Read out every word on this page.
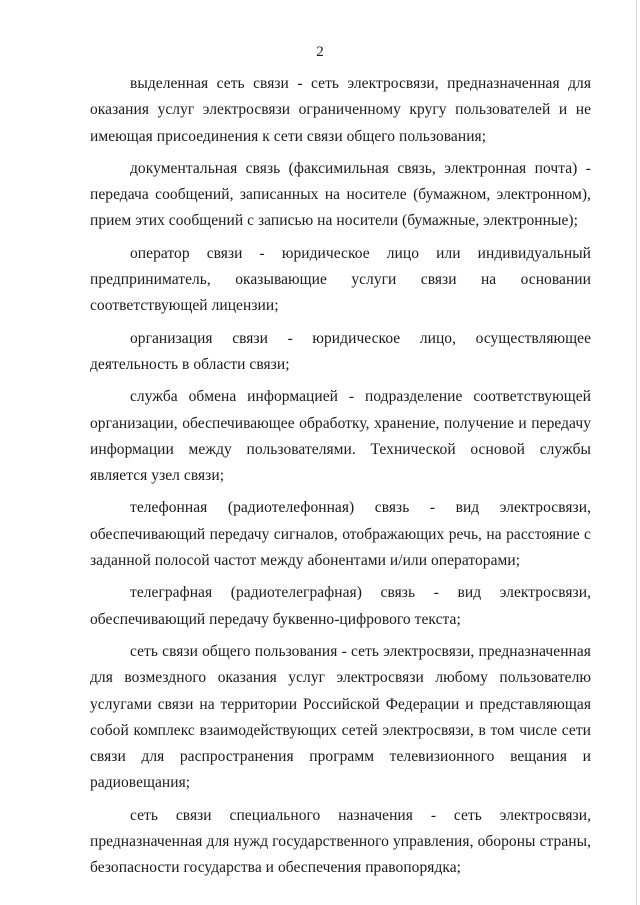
2

выделенная сеть связи - сеть электросвязи, предназначенная для оказания услуг электросвязи ограниченному кругу пользователей и не имеющая присоединения к сети связи общего пользования;

документальная связь (факсимильная связь, электронная почта) - передача сообщений, записанных на носителе (бумажном, электронном), прием этих сообщений с записью на носители (бумажные, электронные);

оператор связи - юридическое лицо или индивидуальный предприниматель, оказывающие услуги связи на основании соответствующей лицензии;

организация связи - юридическое лицо, осуществляющее деятельность в области связи;

служба обмена информацией - подразделение соответствующей организации, обеспечивающее обработку, хранение, получение и передачу информации между пользователями. Технической основой службы является узел связи;

телефонная (радиотелефонная) связь - вид электросвязи, обеспечивающий передачу сигналов, отображающих речь, на расстояние с заданной полосой частот между абонентами и/или операторами;

телеграфная (радиотелеграфная) связь - вид электросвязи, обеспечивающий передачу буквенно-цифрового текста;

сеть связи общего пользования - сеть электросвязи, предназначенная для возмездного оказания услуг электросвязи любому пользователю услугами связи на территории Российской Федерации и представляющая собой комплекс взаимодействующих сетей электросвязи, в том числе сети связи для распространения программ телевизионного вещания и радиовещания;

сеть связи специального назначения - сеть электросвязи, предназначенная для нужд государственного управления, обороны страны, безопасности государства и обеспечения правопорядка;
